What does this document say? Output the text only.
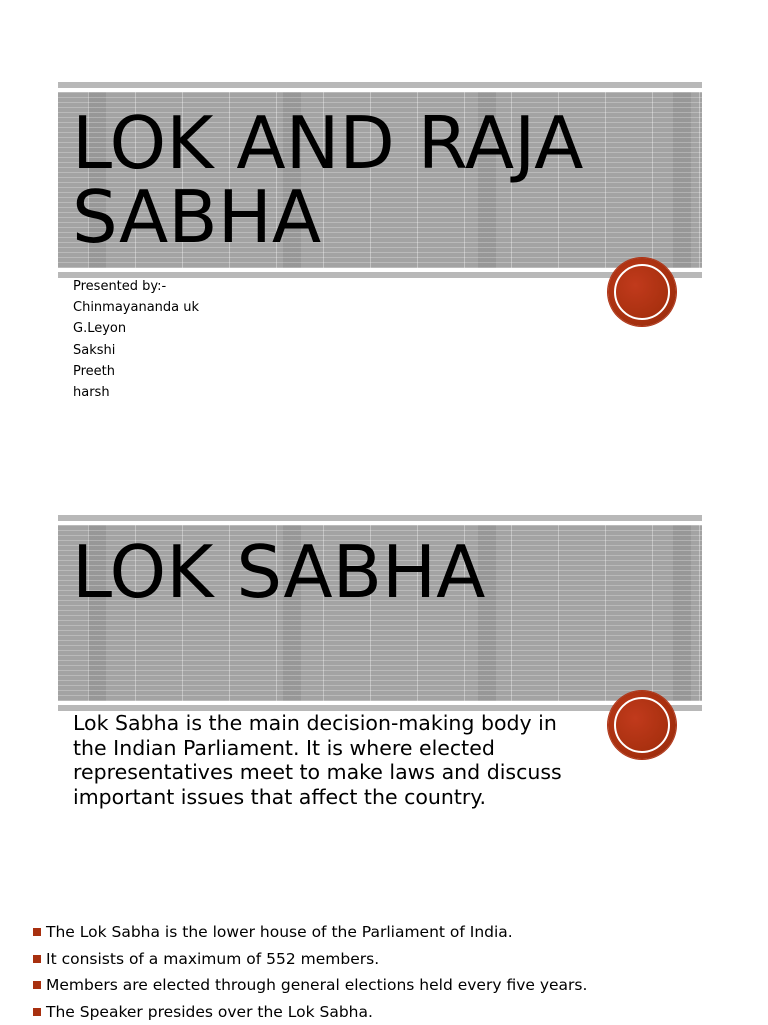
LOK AND RAJA SABHA
Presented by:-
Chinmayananda uk
G.Leyon
Sakshi
Preeth
harsh
LOK SABHA

Lok Sabha is the main decision-making body in the Indian Parliament. It is where elected representatives meet to make laws and discuss important issues that affect the country.

The Lok Sabha is the lower house of the Parliament of India.
It consists of a maximum of 552 members.
Members are elected through general elections held every five years.
The Speaker presides over the Lok Sabha.
